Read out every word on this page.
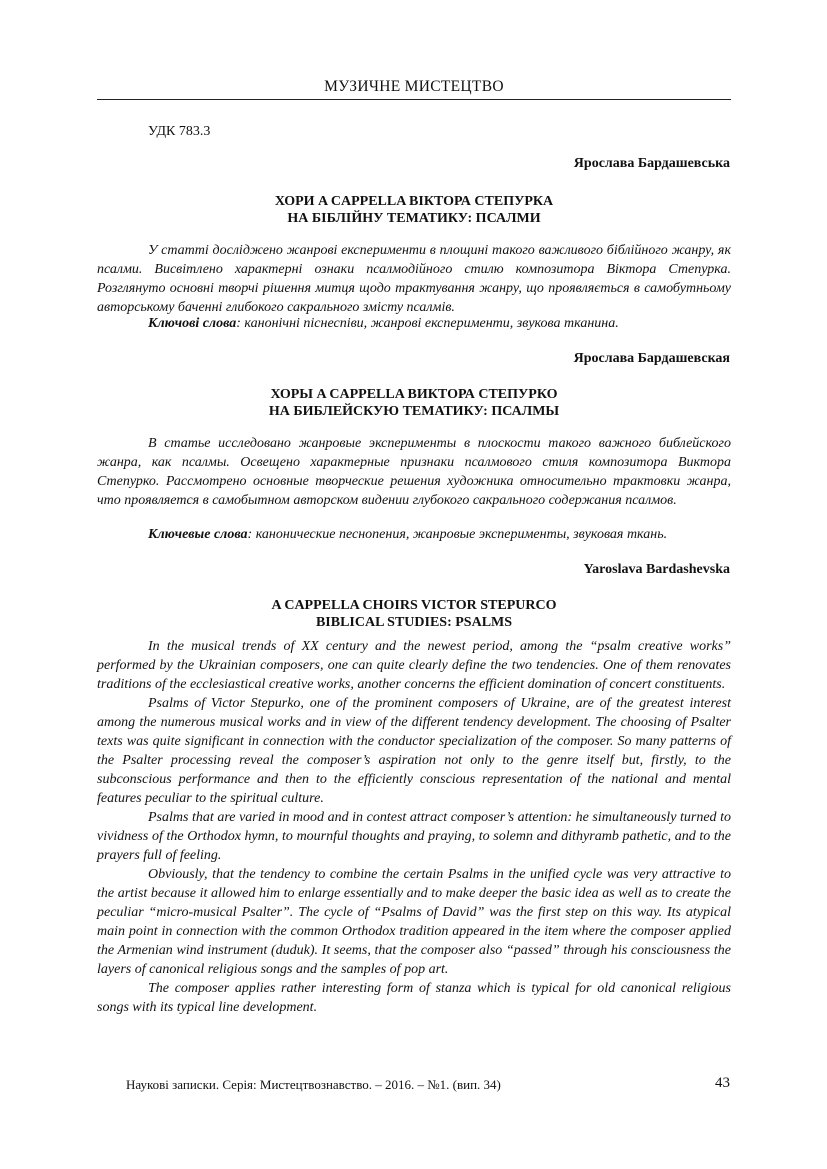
МУЗИЧНЕ МИСТЕЦТВО
УДК 783.3
Ярослава Бардашевська
ХОРИ A CAPPELLA ВІКТОРА СТЕПУРКА
НА БІБЛІЙНУ ТЕМАТИКУ: ПСАЛМИ

У статті досліджено жанрові експерименти в площині такого важливого біблійного жанру, як псалми. Висвітлено характерні ознаки псалмодійного стилю композитора Віктора Степурка. Розглянуто основні творчі рішення митця щодо трактування жанру, що проявляється в самобутньому авторському баченні глибокого сакрального змісту псалмів.

Ключові слова: канонічні піснеспіви, жанрові експерименти, звукова тканина.

Ярослава Бардашевская
ХОРЫ A CAPPELLA ВИКТОРА СТЕПУРКО
НА БИБЛЕЙСКУЮ ТЕМАТИКУ: ПСАЛМЫ

В статье исследовано жанровые эксперименты в плоскости такого важного библейского жанра, как псалмы. Освещено характерные признаки псалмового стиля композитора Виктора Степурко. Рассмотрено основные творческие решения художника относительно трактовки жанра, что проявляется в самобытном авторском видении глубокого сакрального содержания псалмов.

Ключевые слова: канонические песнопения, жанровые эксперименты, звуковая ткань.

Yaroslava Bardashevska
A CAPPELLA CHOIRS VICTOR STEPURCO
BIBLICAL STUDIES: PSALMS

In the musical trends of XX century and the newest period, among the “psalm creative works” performed by the Ukrainian composers, one can quite clearly define the two tendencies. One of them renovates traditions of the ecclesiastical creative works, another concerns the efficient domination of concert constituents.

Psalms of Victor Stepurko, one of the prominent composers of Ukraine, are of the greatest interest among the numerous musical works and in view of the different tendency development. The choosing of Psalter texts was quite significant in connection with the conductor specialization of the composer. So many patterns of the Psalter processing reveal the composer’s aspiration not only to the genre itself but, firstly, to the subconscious performance and then to the efficiently conscious representation of the national and mental features peculiar to the spiritual culture.

Psalms that are varied in mood and in contest attract composer’s attention: he simultaneously turned to vividness of the Orthodox hymn, to mournful thoughts and praying, to solemn and dithyramb pathetic, and to the prayers full of feeling.

Obviously, that the tendency to combine the certain Psalms in the unified cycle was very attractive to the artist because it allowed him to enlarge essentially and to make deeper the basic idea as well as to create the peculiar “micro-musical Psalter”. The cycle of “Psalms of David” was the first step on this way. Its atypical main point in connection with the common Orthodox tradition appeared in the item where the composer applied the Armenian wind instrument (duduk). It seems, that the composer also “passed” through his consciousness the layers of canonical religious songs and the samples of pop art.

The composer applies rather interesting form of stanza which is typical for old canonical religious songs with its typical line development.

Наукові записки. Серія: Мистецтвознавство. – 2016. – №1. (вип. 34)	43
